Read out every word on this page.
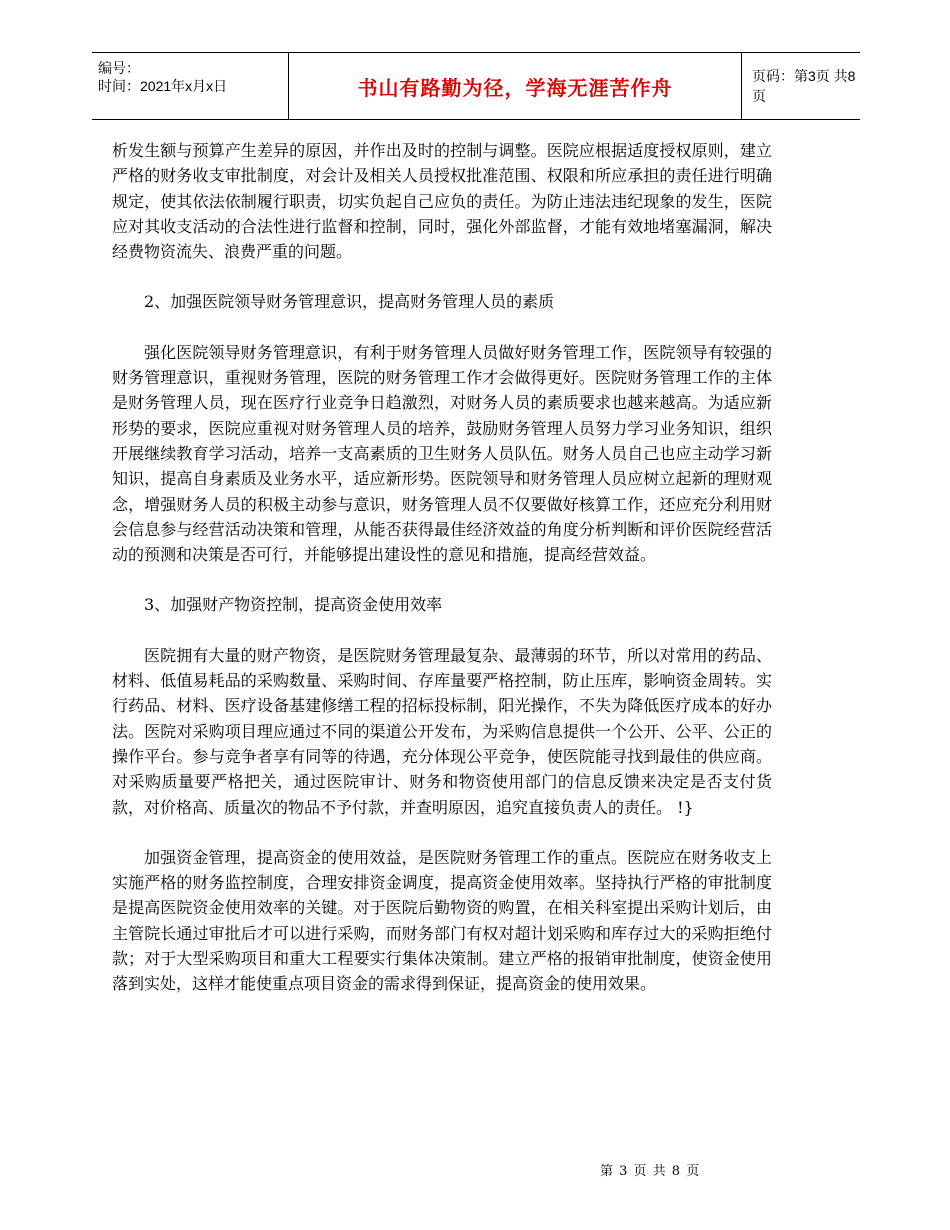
编号：
时间：2021年x月x日	书山有路勤为径，学海无涯苦作舟	页码：第3页 共8页

析发生额与预算产生差异的原因，并作出及时的控制与调整。医院应根据适度授权原则，建立严格的财务收支审批制度，对会计及相关人员授权批准范围、权限和所应承担的责任进行明确规定，使其依法依制履行职责，切实负起自己应负的责任。为防止违法违纪现象的发生，医院应对其收支活动的合法性进行监督和控制，同时，强化外部监督，才能有效地堵塞漏洞，解决经费物资流失、浪费严重的问题。

2、加强医院领导财务管理意识，提高财务管理人员的素质

强化医院领导财务管理意识，有利于财务管理人员做好财务管理工作，医院领导有较强的财务管理意识，重视财务管理，医院的财务管理工作才会做得更好。医院财务管理工作的主体是财务管理人员，现在医疗行业竞争日趋激烈，对财务人员的素质要求也越来越高。为适应新形势的要求，医院应重视对财务管理人员的培养，鼓励财务管理人员努力学习业务知识，组织开展继续教育学习活动，培养一支高素质的卫生财务人员队伍。财务人员自己也应主动学习新知识，提高自身素质及业务水平，适应新形势。医院领导和财务管理人员应树立起新的理财观念，增强财务人员的积极主动参与意识，财务管理人员不仅要做好核算工作，还应充分利用财会信息参与经营活动决策和管理，从能否获得最佳经济效益的角度分析判断和评价医院经营活动的预测和决策是否可行，并能够提出建设性的意见和措施，提高经营效益。

3、加强财产物资控制，提高资金使用效率

医院拥有大量的财产物资，是医院财务管理最复杂、最薄弱的环节，所以对常用的药品、材料、低值易耗品的采购数量、采购时间、存库量要严格控制，防止压库，影响资金周转。实行药品、材料、医疗设备基建修缮工程的招标投标制，阳光操作，不失为降低医疗成本的好办法。医院对采购项目理应通过不同的渠道公开发布，为采购信息提供一个公开、公平、公正的操作平台。参与竞争者享有同等的待遇，充分体现公平竞争，使医院能寻找到最佳的供应商。对采购质量要严格把关，通过医院审计、财务和物资使用部门的信息反馈来决定是否支付货款，对价格高、质量次的物品不予付款，并查明原因，追究直接负责人的责任。 !}

加强资金管理，提高资金的使用效益，是医院财务管理工作的重点。医院应在财务收支上实施严格的财务监控制度，合理安排资金调度，提高资金使用效率。坚持执行严格的审批制度是提高医院资金使用效率的关键。对于医院后勤物资的购置，在相关科室提出采购计划后，由主管院长通过审批后才可以进行采购，而财务部门有权对超计划采购和库存过大的采购拒绝付款；对于大型采购项目和重大工程要实行集体决策制。建立严格的报销审批制度，使资金使用落到实处，这样才能使重点项目资金的需求得到保证，提高资金的使用效果。

第 3 页 共 8 页
